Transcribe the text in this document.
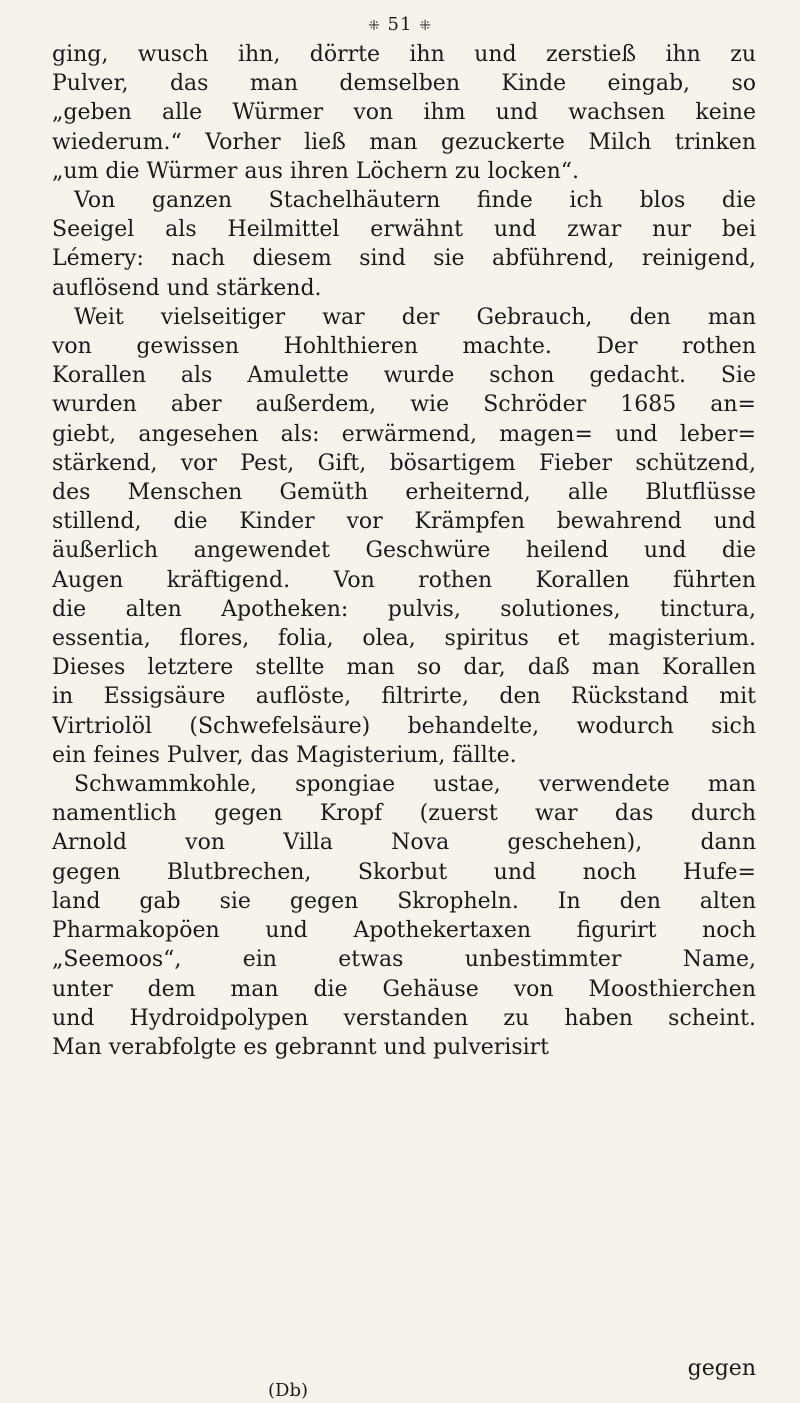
⁜ 51 ⁜
ging, wusch ihn, dörrte ihn und zerstieß ihn zu
Pulver, das man demselben Kinde eingab, so
„geben alle Würmer von ihm und wachsen keine
wiederum.“ Vorher ließ man gezuckerte Milch trinken
„um die Würmer aus ihren Löchern zu locken“.
Von ganzen Stachelhäutern finde ich blos die
Seeigel als Heilmittel erwähnt und zwar nur bei
Lémery: nach diesem sind sie abführend, reinigend,
auflösend und stärkend.
Weit vielseitiger war der Gebrauch, den man
von gewissen Hohlthieren machte. Der rothen
Korallen als Amulette wurde schon gedacht. Sie
wurden aber außerdem, wie Schröder 1685 an=
giebt, angesehen als: erwärmend, magen= und leber=
stärkend, vor Pest, Gift, bösartigem Fieber schützend,
des Menschen Gemüth erheiternd, alle Blutflüsse
stillend, die Kinder vor Krämpfen bewahrend und
äußerlich angewendet Geschwüre heilend und die
Augen kräftigend. Von rothen Korallen führten
die alten Apotheken: pulvis, solutiones, tinctura,
essentia, flores, folia, olea, spiritus et magisterium.
Dieses letztere stellte man so dar, daß man Korallen
in Essigsäure auflöste, filtrirte, den Rückstand mit
Virtriolöl (Schwefelsäure) behandelte, wodurch sich
ein feines Pulver, das Magisterium, fällte.
Schwammkohle, spongiae ustae, verwendete man
namentlich gegen Kropf (zuerst war das durch
Arnold von Villa Nova geschehen), dann
gegen Blutbrechen, Skorbut und noch Hufe=
land gab sie gegen Skropheln. In den alten
Pharmakopöen und Apothekertaxen figurirt noch
„Seemoos“, ein etwas unbestimmter Name,
unter dem man die Gehäuse von Moosthierchen
und Hydroidpolypen verstanden zu haben scheint.
Man verabfolgte es gebrannt und pulverisirt
gegen
(Db)
